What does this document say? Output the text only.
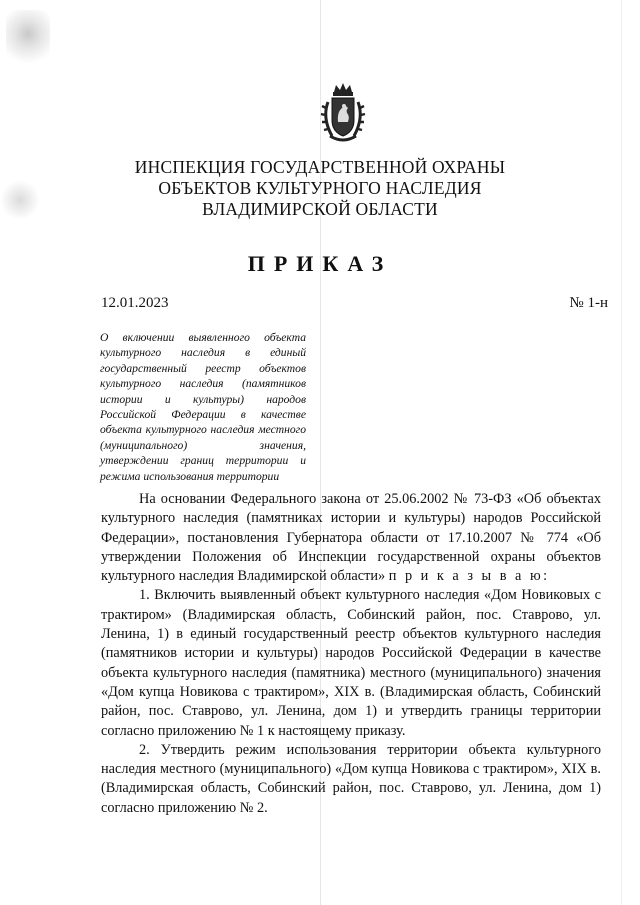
ИНСПЕКЦИЯ ГОСУДАРСТВЕННОЙ ОХРАНЫ
ОБЪЕКТОВ КУЛЬТУРНОГО НАСЛЕДИЯ
ВЛАДИМИРСКОЙ ОБЛАСТИ
ПРИКАЗ
12.01.2023	№ 1-н
О включении выявленного объекта культурного наследия в единый государственный реестр объектов культурного наследия (памятников истории и культуры) народов Российской Федерации в качестве объекта культурного наследия местного (муниципального) значения, утверждении границ территории и режима использования территории

На основании Федерального закона от 25.06.2002 № 73-ФЗ «Об объектах культурного наследия (памятниках истории и культуры) народов Российской Федерации», постановления Губернатора области от 17.10.2007 № 774 «Об утверждении Положения об Инспекции государственной охраны объектов культурного наследия Владимирской области» п р и к а з ы в а ю:

1. Включить выявленный объект культурного наследия «Дом Новиковых с трактиром» (Владимирская область, Собинский район, пос. Ставрово, ул. Ленина, 1) в единый государственный реестр объектов культурного наследия (памятников истории и культуры) народов Российской Федерации в качестве объекта культурного наследия (памятника) местного (муниципального) значения «Дом купца Новикова с трактиром», XIX в. (Владимирская область, Собинский район, пос. Ставрово, ул. Ленина, дом 1) и утвердить границы территории согласно приложению № 1 к настоящему приказу.

2. Утвердить режим использования территории объекта культурного наследия местного (муниципального) «Дом купца Новикова с трактиром», XIX в. (Владимирская область, Собинский район, пос. Ставрово, ул. Ленина, дом 1) согласно приложению № 2.
